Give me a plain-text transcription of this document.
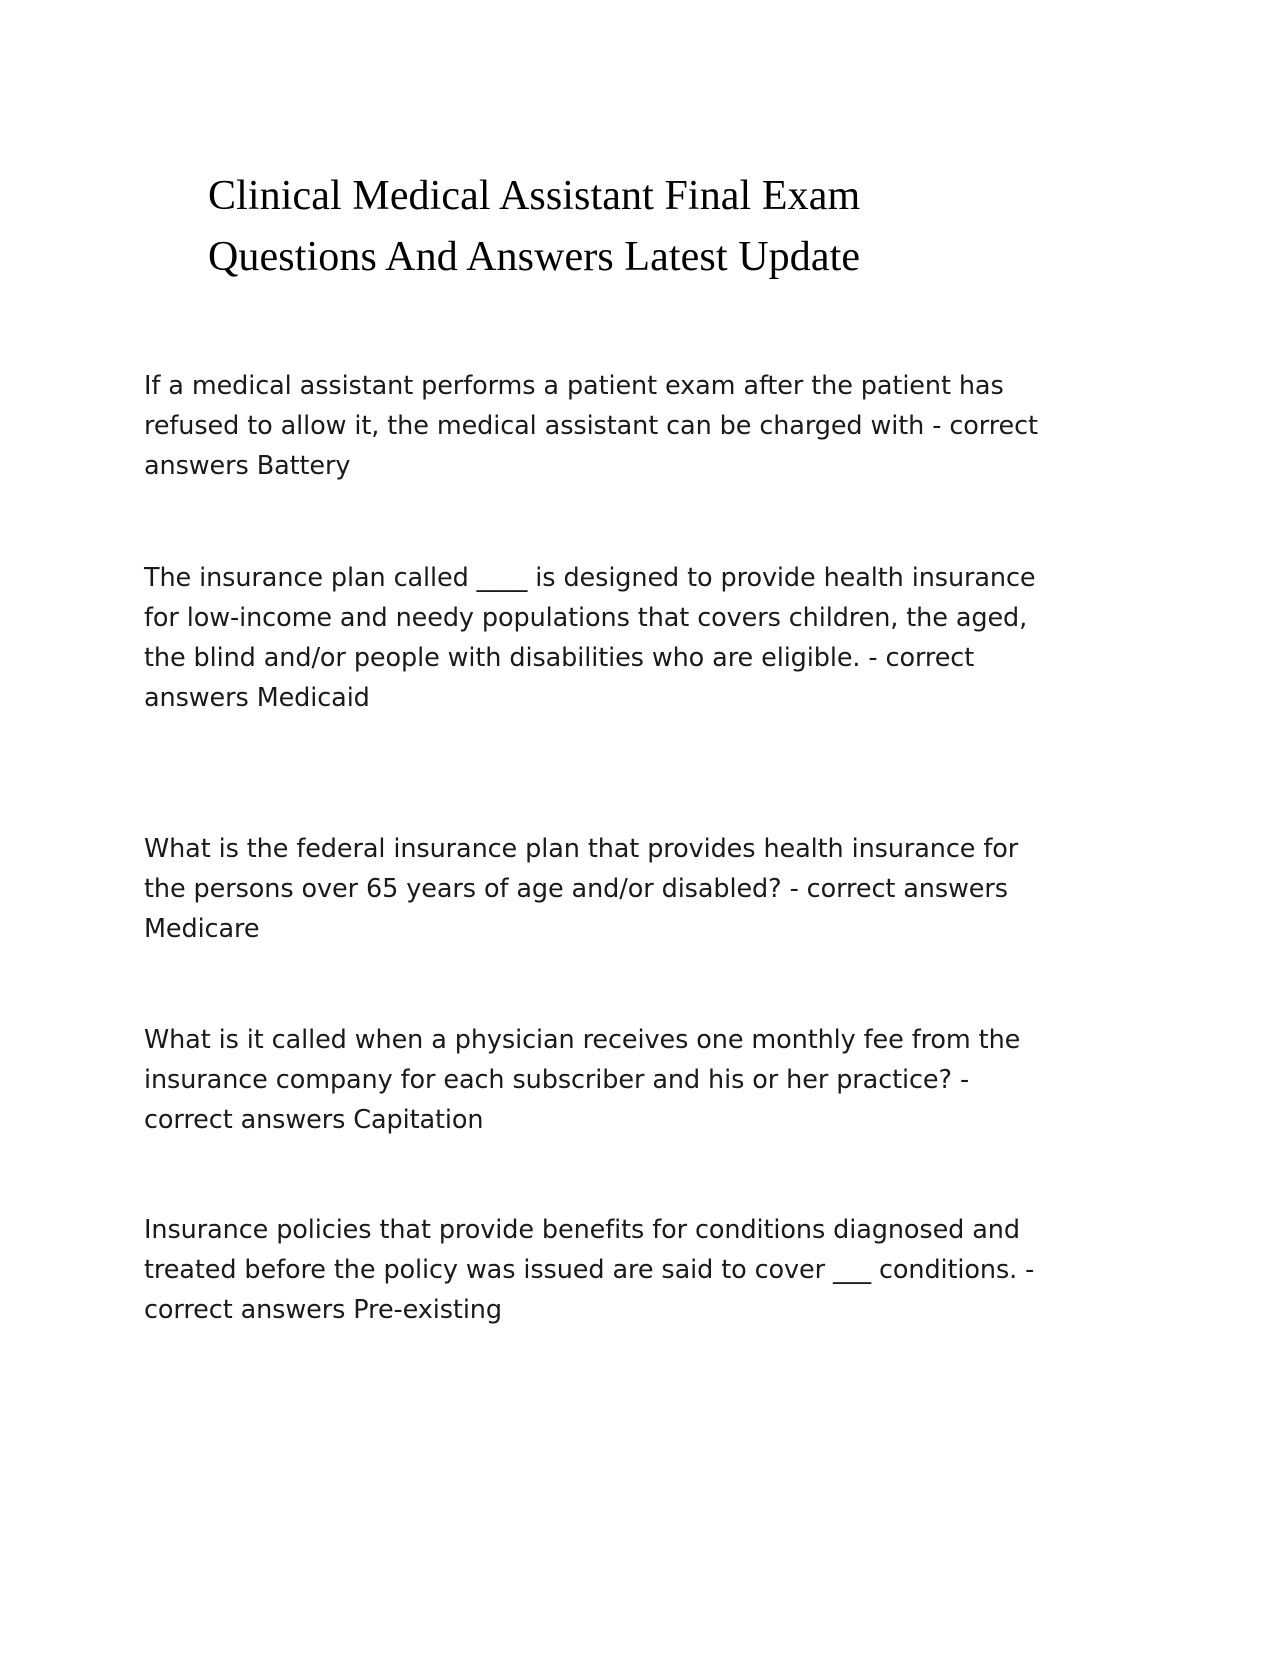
Clinical Medical Assistant Final Exam Questions And Answers Latest Update

If a medical assistant performs a patient exam after the patient has refused to allow it, the medical assistant can be charged with - correct answers Battery

The insurance plan called ____ is designed to provide health insurance for low-income and needy populations that covers children, the aged, the blind and/or people with disabilities who are eligible. - correct answers Medicaid

What is the federal insurance plan that provides health insurance for the persons over 65 years of age and/or disabled? - correct answers Medicare

What is it called when a physician receives one monthly fee from the insurance company for each subscriber and his or her practice? - correct answers Capitation

Insurance policies that provide benefits for conditions diagnosed and treated before the policy was issued are said to cover ___ conditions. - correct answers Pre-existing
